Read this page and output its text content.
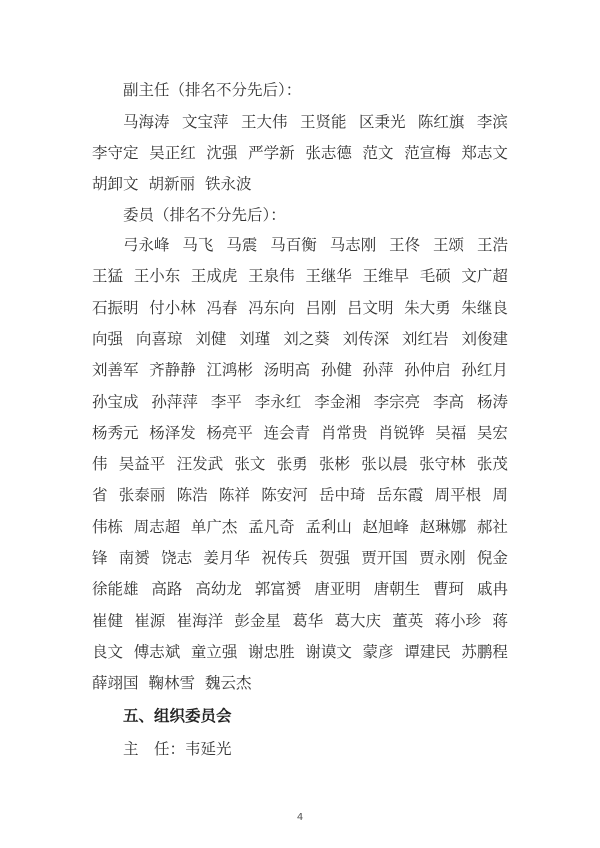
副主任（排名不分先后）：
委员（排名不分先后）：
五、组织委员会
主　任：韦延光
4
马海涛 文宝萍 王大伟 王贤能 区秉光 陈红旗 李滨
李守定 吴正红 沈强 严学新 张志德 范文 范宣梅 郑志文
胡卸文 胡新丽 铁永波
弓永峰 马飞 马震 马百衡 马志刚 王佟 王颂 王浩
王猛 王小东 王成虎 王泉伟 王继华 王维早 毛硕 文广超
石振明 付小林 冯春 冯东向 吕刚 吕文明 朱大勇 朱继良
向强 向喜琼 刘健 刘瑾 刘之葵 刘传深 刘红岩 刘俊建
刘善军 齐静静 江鸿彬 汤明高 孙健 孙萍 孙仲启 孙红月
孙宝成 孙萍萍 李平 李永红 李金湘 李宗亮 李高 杨涛
杨秀元 杨泽发 杨亮平 连会青 肖常贵 肖锐铧 吴福 吴宏
伟 吴益平 汪发武 张文 张勇 张彬 张以晨 张守林 张茂
省 张泰丽 陈浩 陈祥 陈安河 岳中琦 岳东霞 周平根 周
伟栋 周志超 单广杰 孟凡奇 孟利山 赵旭峰 赵琳娜 郝社
锋 南赟 饶志 姜月华 祝传兵 贺强 贾开国 贾永刚 倪金
徐能雄 高路 高幼龙 郭富赟 唐亚明 唐朝生 曹珂 戚冉
崔健 崔源 崔海洋 彭金星 葛华 葛大庆 董英 蒋小珍 蒋
良文 傅志斌 童立强 谢忠胜 谢谟文 蒙彦 谭建民 苏鹏程
薛翊国 鞠林雪 魏云杰
